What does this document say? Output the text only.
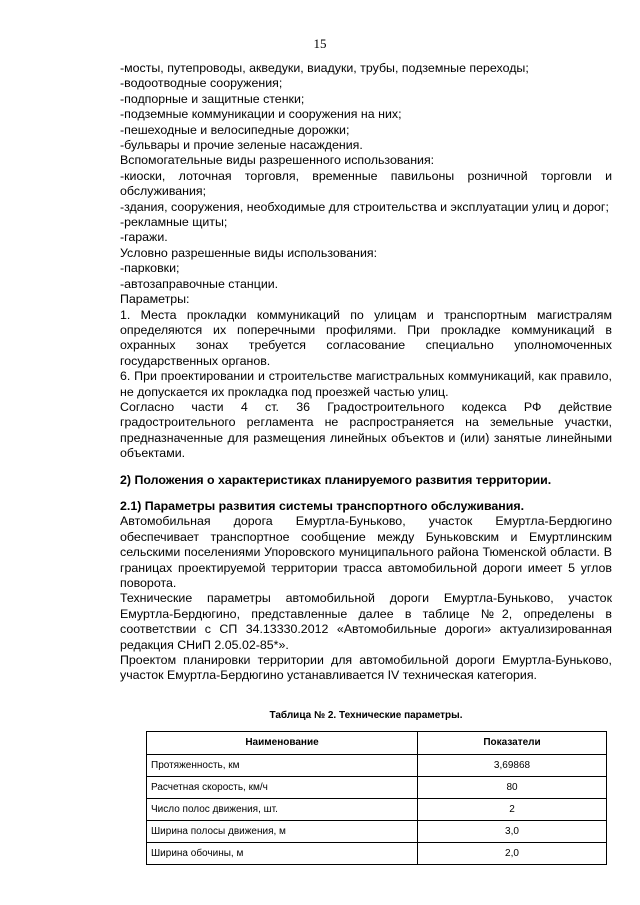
15

-мосты, путепроводы, акведуки, виадуки, трубы, подземные переходы;

-водоотводные сооружения;

-подпорные и защитные стенки;

-подземные коммуникации и сооружения на них;

-пешеходные и велосипедные дорожки;

-бульвары и прочие зеленые насаждения.

Вспомогательные виды разрешенного использования:

-киоски, лоточная торговля, временные павильоны розничной торговли и обслуживания;

-здания, сооружения, необходимые для строительства и эксплуатации улиц и дорог;

-рекламные щиты;

-гаражи.

Условно разрешенные виды использования:

-парковки;

-автозаправочные станции.

Параметры:

1. Места прокладки коммуникаций по улицам и транспортным магистралям определяются их поперечными профилями. При прокладке коммуникаций в охранных зонах требуется согласование специально уполномоченных государственных органов.

6. При проектировании и строительстве магистральных коммуникаций, как правило, не допускается их прокладка под проезжей частью улиц.

Согласно части 4 ст. 36 Градостроительного кодекса РФ действие градостроительного регламента не распространяется на земельные участки, предназначенные для размещения линейных объектов и (или) занятые линейными объектами.

2) Положения о характеристиках планируемого развития территории.

2.1) Параметры развития системы транспортного обслуживания.

Автомобильная дорога Емуртла-Буньково, участок Емуртла-Бердюгино обеспечивает транспортное сообщение между Буньковским и Емуртлинским сельскими поселениями Упоровского муниципального района Тюменской области. В границах проектируемой территории трасса автомобильной дороги имеет 5 углов поворота.

Технические параметры автомобильной дороги Емуртла-Буньково, участок Емуртла-Бердюгино, представленные далее в таблице №2, определены в соответствии с СП 34.13330.2012 «Автомобильные дороги» актуализированная редакция СНиП 2.05.02-85*».

Проектом планировки территории для автомобильной дороги Емуртла-Буньково, участок Емуртла-Бердюгино устанавливается IV техническая категория.

Таблица № 2. Технические параметры.
Наименование	Показатели
Протяженность, км	3,69868
Расчетная скорость, км/ч	80
Число полос движения, шт.	2
Ширина полосы движения, м	3,0
Ширина обочины, м	2,0
